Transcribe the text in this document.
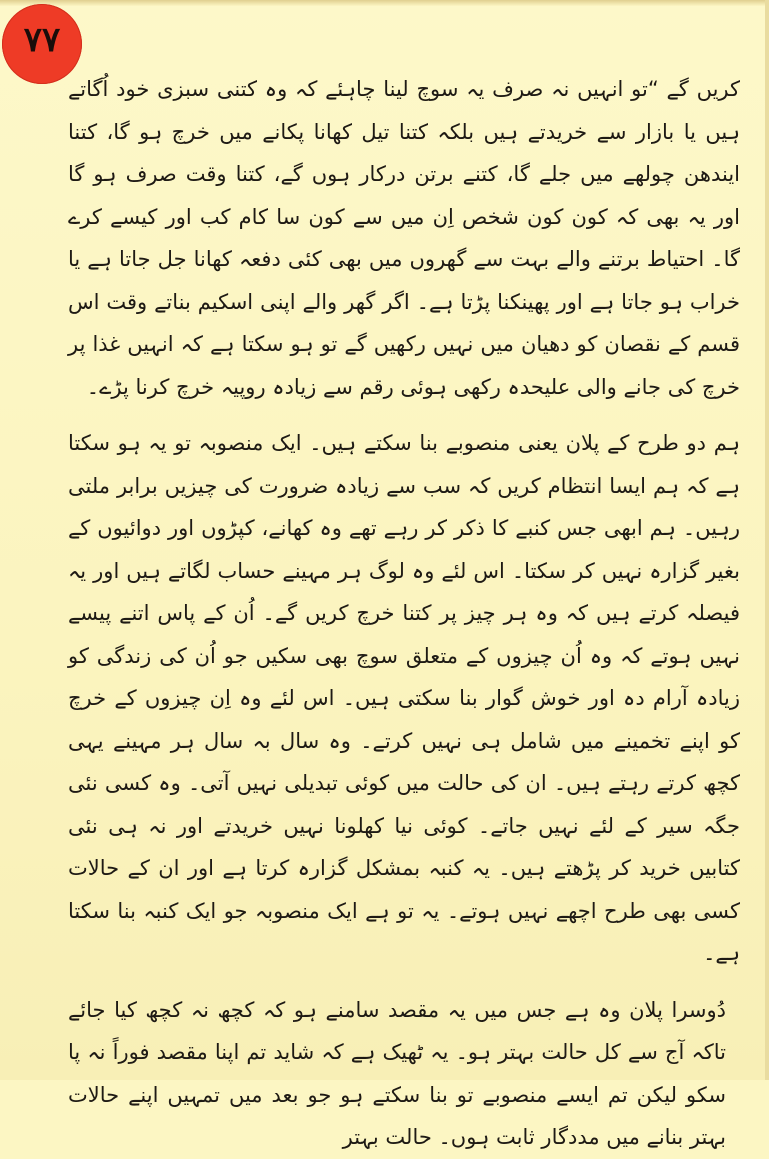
۷۷

کریں گے “تو انہیں نہ صرف یہ سوچ لینا چاہئے کہ وہ کتنی سبزی خود اُگاتے ہیں یا بازار سے خریدتے ہیں بلکہ کتنا تیل کھانا پکانے میں خرچ ہو گا، کتنا ایندھن چولھے میں جلے گا، کتنے برتن درکار ہوں گے، کتنا وقت صرف ہو گا اور یہ بھی کہ کون کون شخص اِن میں سے کون سا کام کب اور کیسے کرے گا۔ احتیاط برتنے والے بہت سے گھروں میں بھی کئی دفعہ کھانا جل جاتا ہے یا خراب ہو جاتا ہے اور پھینکنا پڑتا ہے۔ اگر گھر والے اپنی اسکیم بناتے وقت اس قسم کے نقصان کو دھیان میں نہیں رکھیں گے تو ہو سکتا ہے کہ انہیں غذا پر خرچ کی جانے والی علیحدہ رکھی ہوئی رقم سے زیادہ روپیہ خرچ کرنا پڑے۔

ہم دو طرح کے پلان یعنی منصوبے بنا سکتے ہیں۔ ایک منصوبہ تو یہ ہو سکتا ہے کہ ہم ایسا انتظام کریں کہ سب سے زیادہ ضرورت کی چیزیں برابر ملتی رہیں۔ ہم ابھی جس کنبے کا ذکر کر رہے تھے وہ کھانے، کپڑوں اور دوائیوں کے بغیر گزارہ نہیں کر سکتا۔ اس لئے وہ لوگ ہر مہینے حساب لگاتے ہیں اور یہ فیصلہ کرتے ہیں کہ وہ ہر چیز پر کتنا خرچ کریں گے۔ اُن کے پاس اتنے پیسے نہیں ہوتے کہ وہ اُن چیزوں کے متعلق سوچ بھی سکیں جو اُن کی زندگی کو زیادہ آرام دہ اور خوش گوار بنا سکتی ہیں۔ اس لئے وہ اِن چیزوں کے خرچ کو اپنے تخمینے میں شامل ہی نہیں کرتے۔ وہ سال بہ سال ہر مہینے یہی کچھ کرتے رہتے ہیں۔ ان کی حالت میں کوئی تبدیلی نہیں آتی۔ وہ کسی نئی جگہ سیر کے لئے نہیں جاتے۔ کوئی نیا کھلونا نہیں خریدتے اور نہ ہی نئی کتابیں خرید کر پڑھتے ہیں۔ یہ کنبہ بمشکل گزارہ کرتا ہے اور ان کے حالات کسی بھی طرح اچھے نہیں ہوتے۔ یہ تو ہے ایک منصوبہ جو ایک کنبہ بنا سکتا ہے۔

دُوسرا پلان وہ ہے جس میں یہ مقصد سامنے ہو کہ کچھ نہ کچھ کیا جائے تاکہ آج سے کل حالت بہتر ہو۔ یہ ٹھیک ہے کہ شاید تم اپنا مقصد فوراً نہ پا سکو لیکن تم ایسے منصوبے تو بنا سکتے ہو جو بعد میں تمہیں اپنے حالات بہتر بنانے میں مددگار ثابت ہوں۔ حالت بہتر
